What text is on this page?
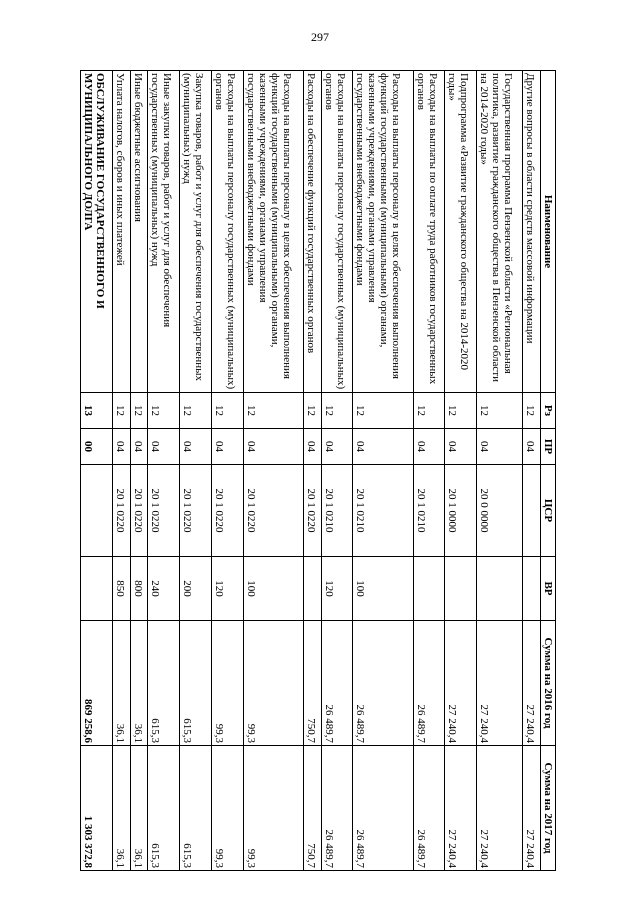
297
Наименование	Рз	ПР	ЦСР	ВР	Сумма на 2016 год	Сумма на 2017 год
Другие вопросы в области средств массовой информации	12	04			27 240,4	27 240,4
Государственная программа Пензенской области «Региональная политика, развитие гражданского общества в Пензенской области на 2014-2020 годы»	12	04	20 0 0000		27 240,4	27 240,4
Подпрограмма «Развитие гражданского общества на 2014-2020 годы»	12	04	20 1 0000		27 240,4	27 240,4
Расходы на выплаты по оплате труда работников государственных органов	12	04	20 1 0210		26 489,7	26 489,7
Расходы на выплаты персоналу в целях обеспечения выполнения функций государственными (муниципальными) органами, казенными учреждениями, органами управления государственными внебюджетными фондами	12	04	20 1 0210	100	26 489,7	26 489,7
Расходы на выплаты персоналу государственных (муниципальных) органов	12	04	20 1 0210	120	26 489,7	26 489,7
Расходы на обеспечение функций государственных органов	12	04	20 1 0220		750,7	750,7
Расходы на выплаты персоналу в целях обеспечения выполнения функций государственными (муниципальными) органами, казенными учреждениями, органами управления государственными внебюджетными фондами	12	04	20 1 0220	100	99,3	99,3
Расходы на выплаты персоналу государственных (муниципальных) органов	12	04	20 1 0220	120	99,3	99,3
Закупка товаров, работ и услуг для обеспечения государственных (муниципальных) нужд	12	04	20 1 0220	200	615,3	615,3
Иные закупки товаров, работ и услуг для обеспечения государственных (муниципальных) нужд	12	04	20 1 0220	240	615,3	615,3
Иные бюджетные ассигнования	12	04	20 1 0220	800	36,1	36,1
Уплата налогов, сборов и иных платежей	12	04	20 1 0220	850	36,1	36,1
ОБСЛУЖИВАНИЕ ГОСУДАРСТВЕННОГО И МУНИЦИПАЛЬНОГО ДОЛГА	13	00			869 258,6	1 303 372,8
